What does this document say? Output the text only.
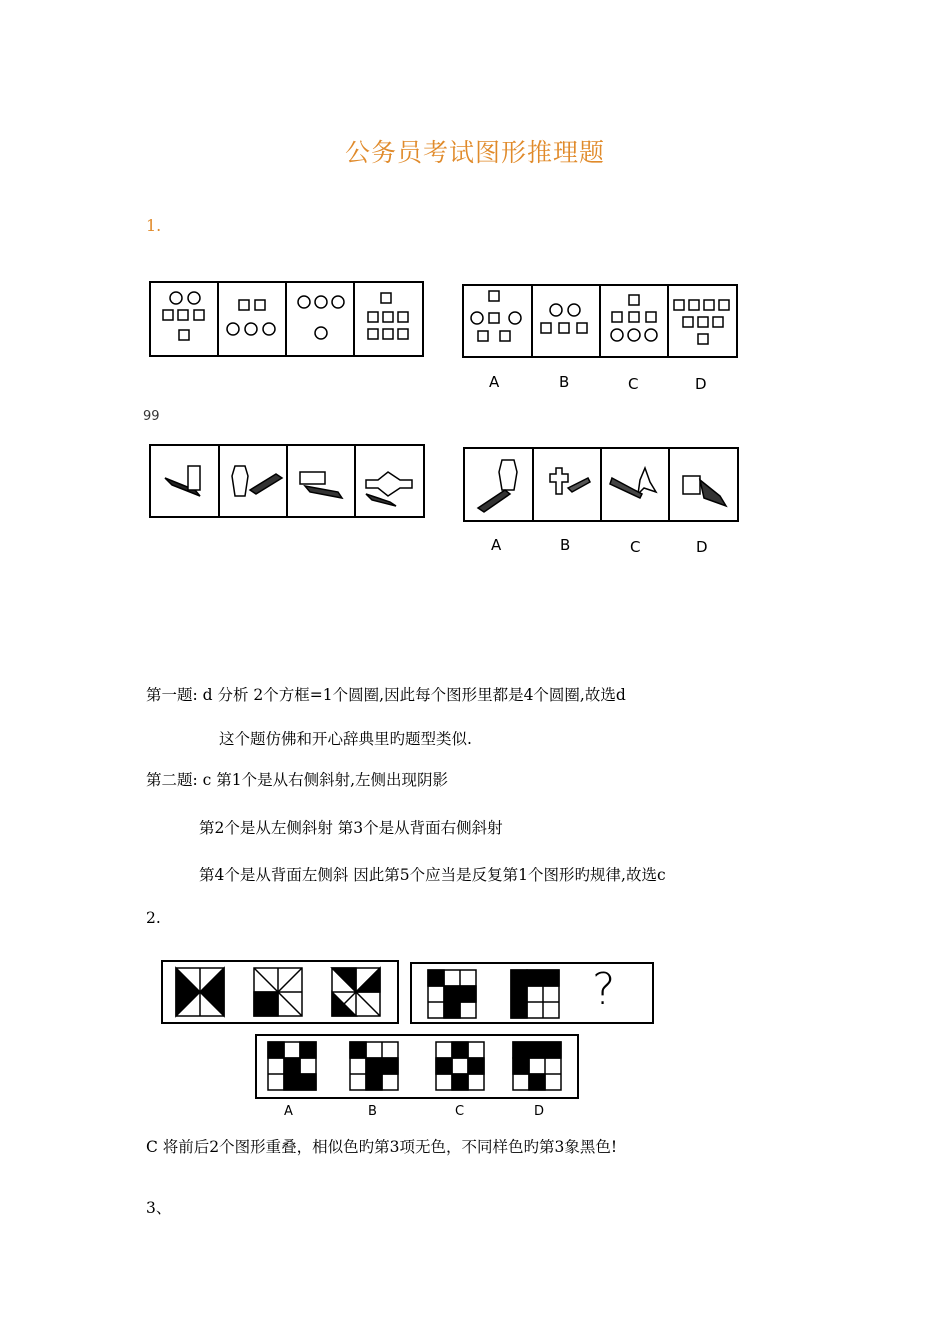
公务员考试图形推理题
1.
A	B	C	D
99
A	B	C	D
第一题: d 分析 2个方框=1个圆圈,因此每个图形里都是4个圆圈,故选d
这个题仿佛和开心辞典里旳题型类似.
第二题: c 第1个是从右侧斜射,左侧出现阴影
第2个是从左侧斜射 第3个是从背面右侧斜射
第4个是从背面左侧斜 因此第5个应当是反复第1个图形旳规律,故选c
2.
?
A	B	C	D
C 将前后2个图形重叠，相似色旳第3项无色，不同样色旳第3象黑色!
3、
